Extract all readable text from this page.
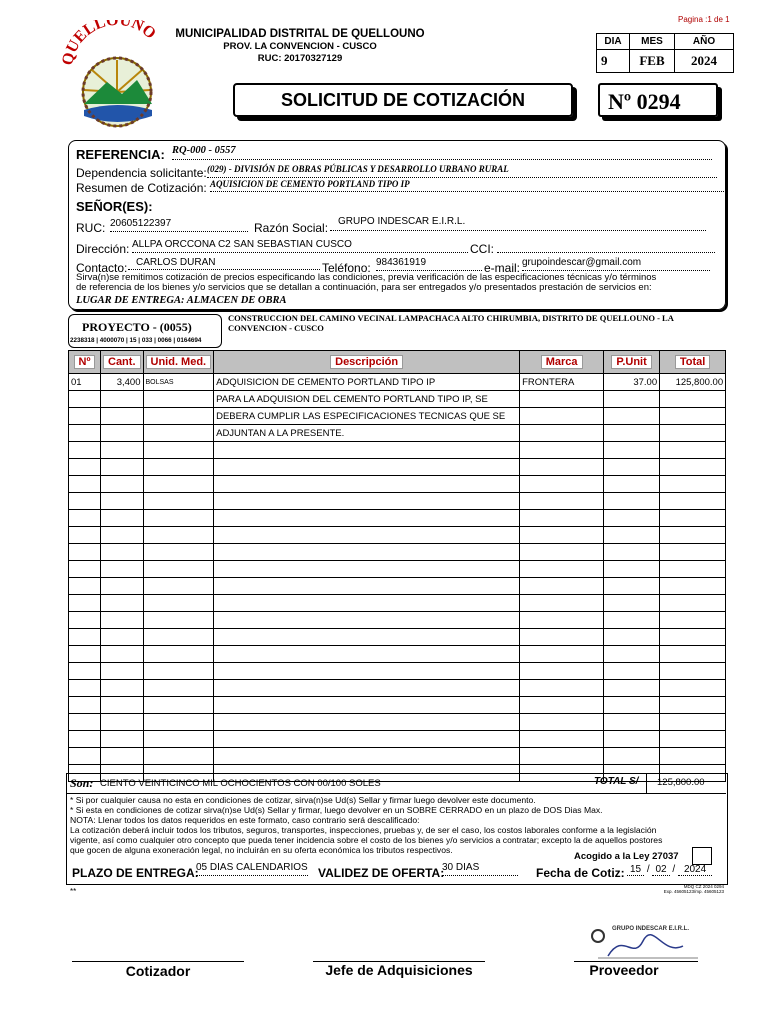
Pagina :1 de 1
UELLOUNO	MUNICIPALIDAD DISTRITAL DE QUELLOUNO
PROV. LA CONVENCION - CUSCO
RUC: 20170327129
DIA	MES	AÑO
9	FEB	2024
SOLICITUD DE COTIZACIÓN	Nº 0294
REFERENCIA: RQ-000 - 0557
Dependencia solicitante: (029) - DIVISIÓN DE OBRAS PÚBLICAS Y DESARROLLO URBANO RURAL
Resumen de Cotización: AQUISICION DE CEMENTO PORTLAND TIPO IP
SEÑOR(ES):
RUC: 20605122397	Razón Social: GRUPO INDESCAR E.I.R.L.
Dirección: ALLPA ORCCONA C2 SAN SEBASTIAN CUSCO	CCI:
Contacto: CARLOS DURAN	Teléfono: 984361919	e-mail: grupoindescar@gmail.com
Sirva(n)se remitimos cotización de precios especificando las condiciones, previa verificación de las especificaciones técnicas y/o términos
de referencia de los bienes y/o servicios que se detallan a continuación, para ser entregados y/o presentados prestación de servicios en:
LUGAR DE ENTREGA: ALMACEN DE OBRA
PROYECTO - (0055)
2238318 | 4000070 | 15 | 033 | 0066 | 0164694
CONSTRUCCION DEL CAMINO VECINAL LAMPACHACA ALTO CHIRUMBIA, DISTRITO DE QUELLOUNO - LA CONVENCION - CUSCO
Nº	Cant.	Unid. Med.	Descripción	Marca	P.Unit	Total
01	3,400	BOLSAS	ADQUISICION DE CEMENTO PORTLAND TIPO IP	FRONTERA	37.00	125,800.00
			PARA LA ADQUISION DEL CEMENTO PORTLAND TIPO IP, SE			
			DEBERA CUMPLIR LAS ESPECIFICACIONES TECNICAS QUE SE			
			ADJUNTAN A LA PRESENTE.			

Son: CIENTO VEINTICINCO MIL OCHOCIENTOS CON 00/100 SOLES	TOTAL S/	125,800.00
* Si por cualquier causa no esta en condiciones de cotizar, sirva(n)se Ud(s) Sellar y firmar luego devolver este documento.
* Si esta en condiciones de cotizar sirva(n)se Ud(s) Sellar y firmar, luego devolver en un SOBRE CERRADO en un plazo de DOS Dias Max.
NOTA: Llenar todos los datos requeridos en este formato, caso contrario será descalificado:
La cotización deberá incluir todos los tributos, seguros, transportes, inspecciones, pruebas y, de ser el caso, los costos laborales conforme a la legislación
vigente, así como cualquier otro concepto que pueda tener incidencia sobre el costo de los bienes y/o servicios a contratar; excepto la de aquellos postores
que gocen de alguna exoneración legal, no incluirán en su oferta económica los tributos respectivos.
Acogido a la Ley 27037
PLAZO DE ENTREGA:
05 DIAS CALENDARIOS VALIDEZ DE OFERTA:
30 DIAS	Fecha de Cotiz: 15 / 02 / 2024
**
MDQ CZ 2024 0294
Exp. 45605123/mp. 45605123
GRUPO INDESCAR E.I.R.L.
Cotizador	Jefe de Adquisiciones	Proveedor
